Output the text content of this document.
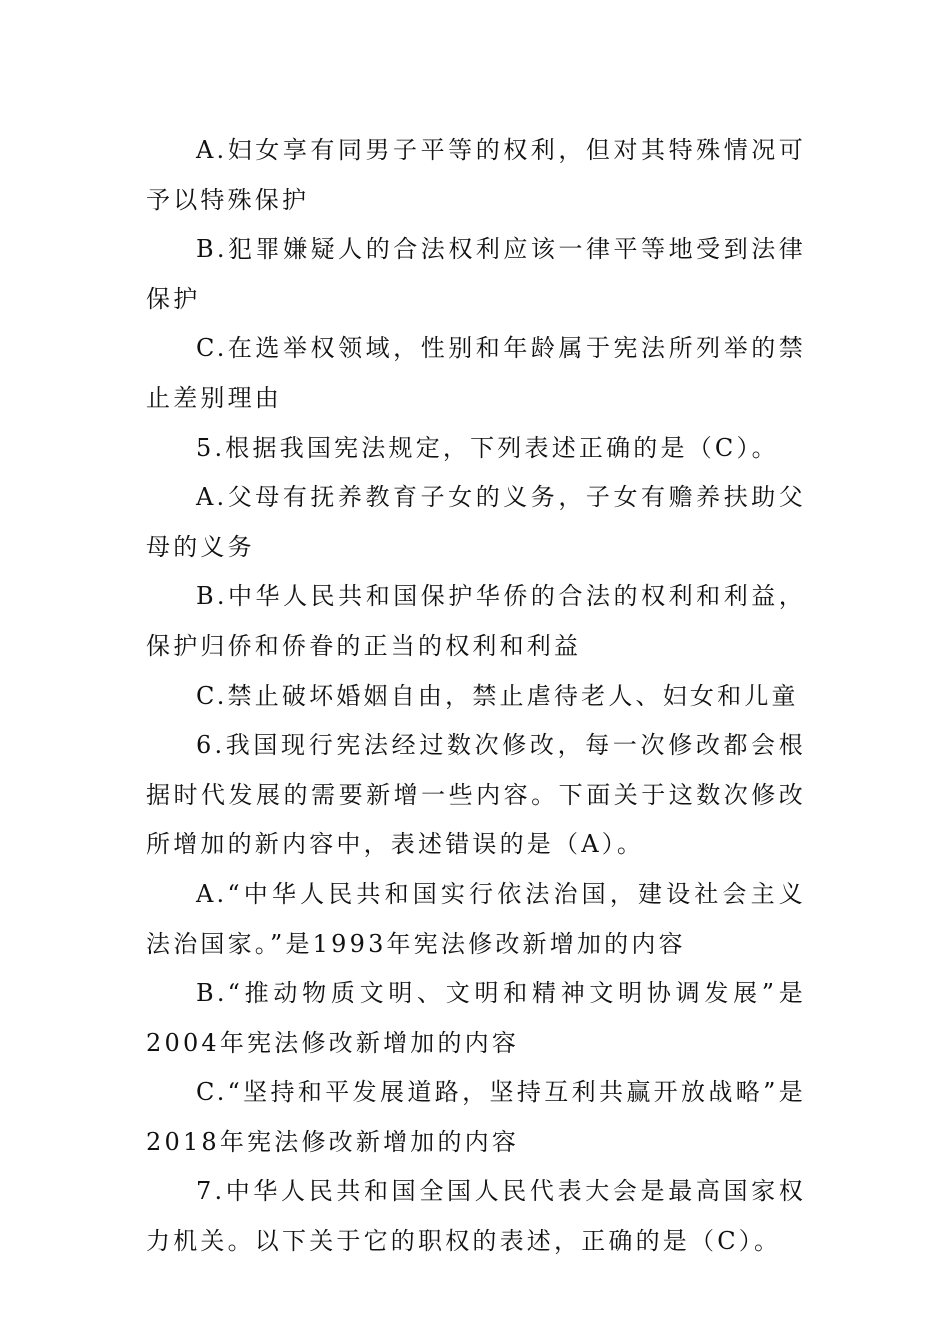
A.妇女享有同男子平等的权利，但对其特殊情况可予以特殊保护

B.犯罪嫌疑人的合法权利应该一律平等地受到法律保护

C.在选举权领域，性别和年龄属于宪法所列举的禁止差别理由

5.根据我国宪法规定，下列表述正确的是（C）。

A.父母有抚养教育子女的义务，子女有赡养扶助父母的义务

B.中华人民共和国保护华侨的合法的权利和利益，保护归侨和侨眷的正当的权利和利益

C.禁止破坏婚姻自由，禁止虐待老人、妇女和儿童

6.我国现行宪法经过数次修改，每一次修改都会根据时代发展的需要新增一些内容。下面关于这数次修改所增加的新内容中，表述错误的是（A）。

A.“中华人民共和国实行依法治国，建设社会主义法治国家。”是1993年宪法修改新增加的内容

B.“推动物质文明、文明和精神文明协调发展”是2004年宪法修改新增加的内容

C.“坚持和平发展道路，坚持互利共赢开放战略”是2018年宪法修改新增加的内容

7.中华人民共和国全国人民代表大会是最高国家权力机关。以下关于它的职权的表述，正确的是（C）。
